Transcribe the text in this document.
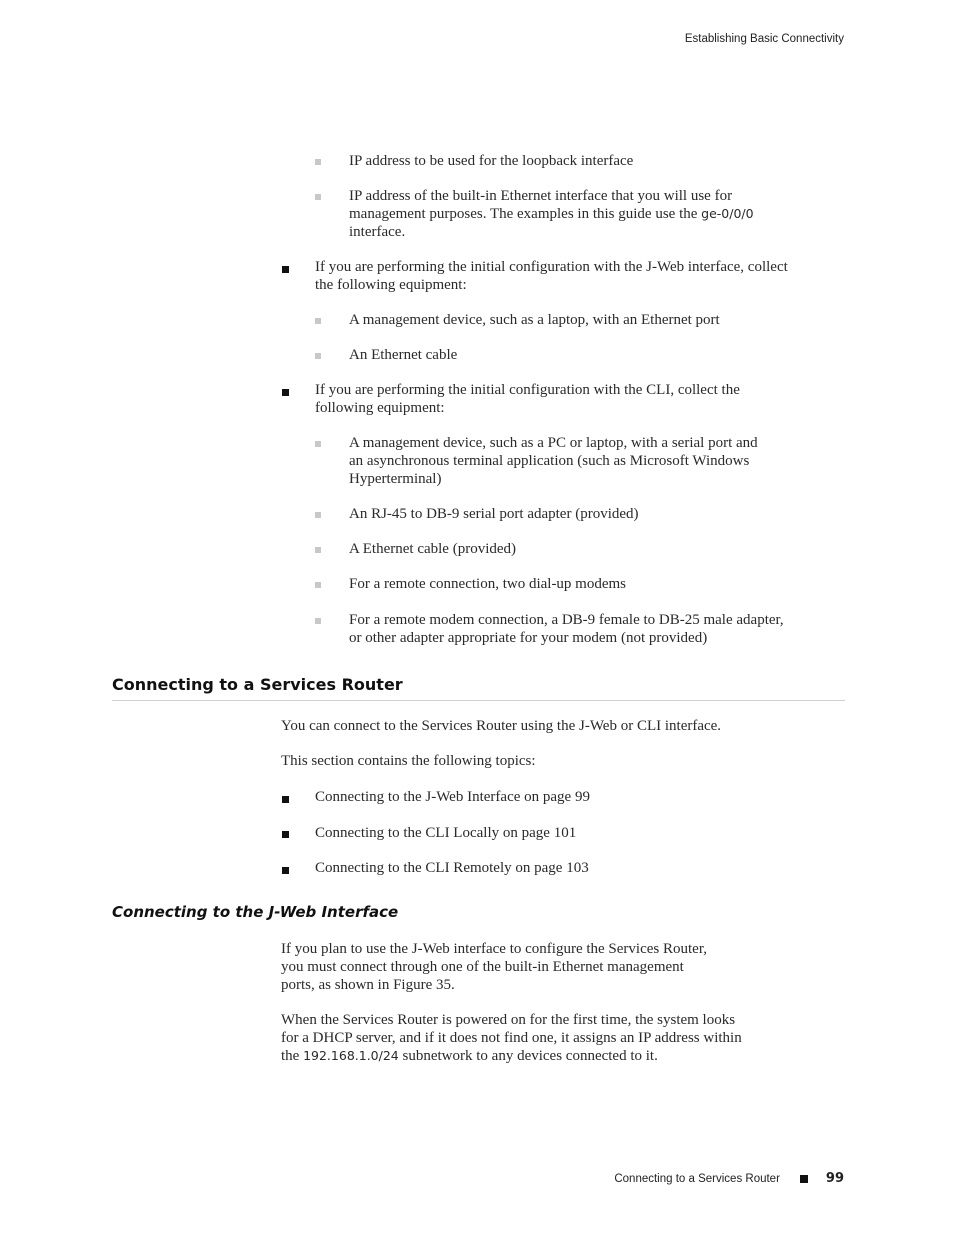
Establishing Basic Connectivity
IP address to be used for the loopback interface
IP address of the built-in Ethernet interface that you will use for
management purposes. The examples in this guide use the ge-0/0/0
interface.
If you are performing the initial configuration with the J-Web interface, collect
the following equipment:
A management device, such as a laptop, with an Ethernet port
An Ethernet cable
If you are performing the initial configuration with the CLI, collect the
following equipment:
A management device, such as a PC or laptop, with a serial port and
an asynchronous terminal application (such as Microsoft Windows
Hyperterminal)
An RJ-45 to DB-9 serial port adapter (provided)
A Ethernet cable (provided)
For a remote connection, two dial-up modems
For a remote modem connection, a DB-9 female to DB-25 male adapter,
or other adapter appropriate for your modem (not provided)
Connecting to a Services Router
You can connect to the Services Router using the J-Web or CLI interface.
This section contains the following topics:
Connecting to the J-Web Interface on page 99
Connecting to the CLI Locally on page 101
Connecting to the CLI Remotely on page 103
Connecting to the J-Web Interface
If you plan to use the J-Web interface to configure the Services Router,
you must connect through one of the built-in Ethernet management
ports, as shown in Figure 35.
When the Services Router is powered on for the first time, the system looks
for a DHCP server, and if it does not find one, it assigns an IP address within
the 192.168.1.0/24 subnetwork to any devices connected to it.
Connecting to a Services Router	99
